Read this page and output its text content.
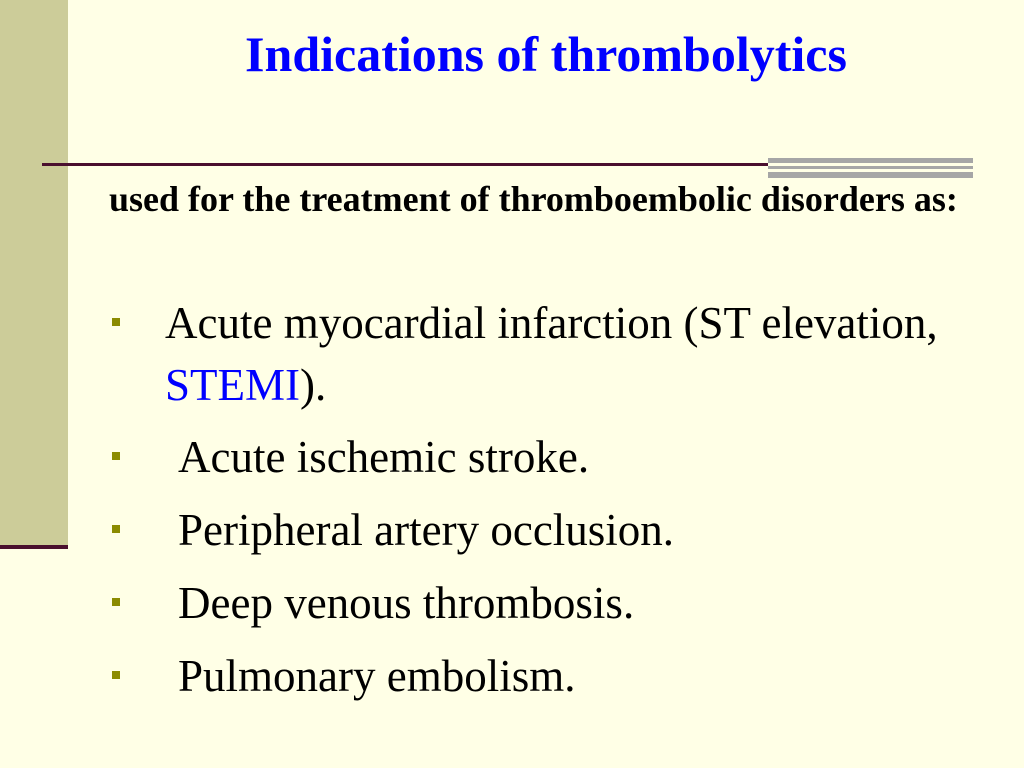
Indications of thrombolytics

used for the treatment of thromboembolic disorders as:

Acute myocardial infarction (ST elevation, STEMI).
Acute ischemic stroke.
Peripheral artery occlusion.
Deep venous thrombosis.
Pulmonary embolism.
